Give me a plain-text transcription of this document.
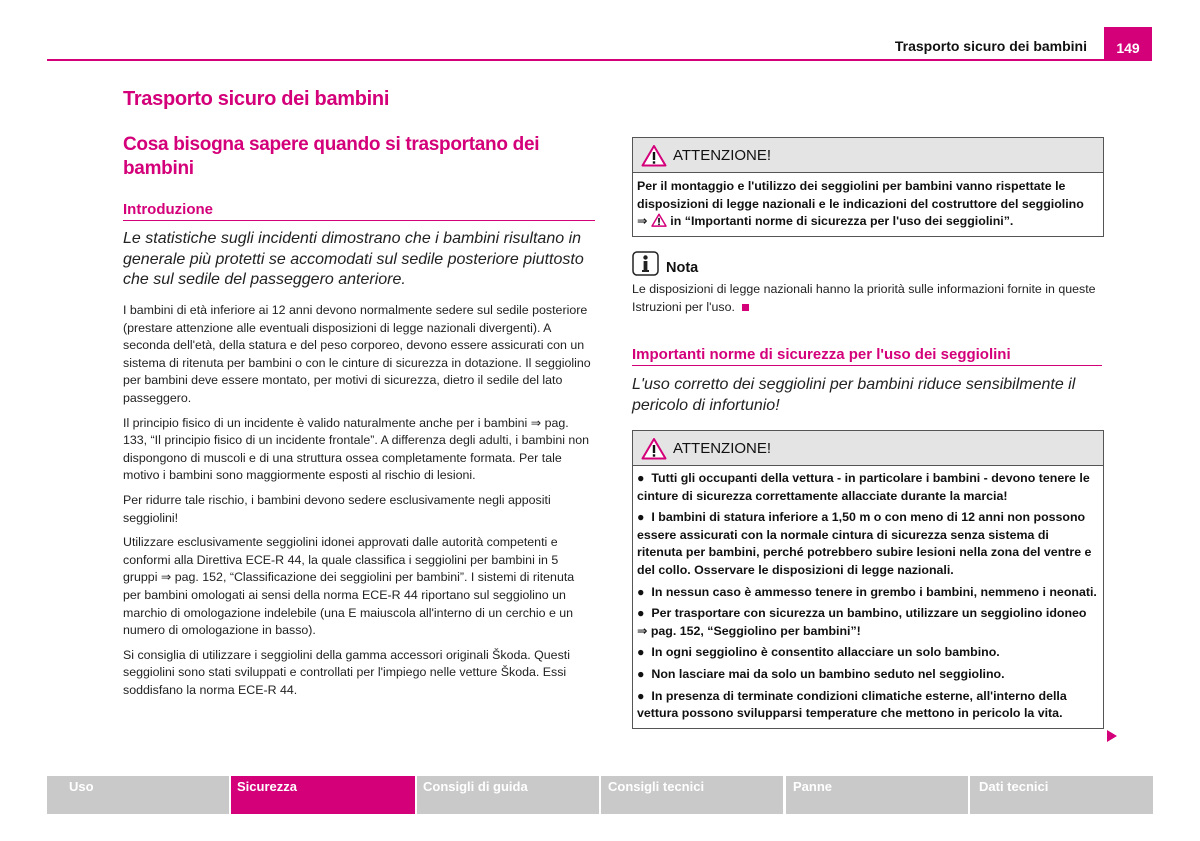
Trasporto sicuro dei bambini	149
Trasporto sicuro dei bambini
Cosa bisogna sapere quando si trasportano dei bambini
Introduzione
Le statistiche sugli incidenti dimostrano che i bambini risultano in generale più protetti se accomodati sul sedile posteriore piuttosto che sul sedile del passeggero anteriore.

I bambini di età inferiore ai 12 anni devono normalmente sedere sul sedile posteriore (prestare attenzione alle eventuali disposizioni di legge nazionali divergenti). A seconda dell'età, della statura e del peso corporeo, devono essere assicurati con un sistema di ritenuta per bambini o con le cinture di sicurezza in dotazione. Il seggiolino per bambini deve essere montato, per motivi di sicurezza, dietro il sedile del lato passeggero.

Il principio fisico di un incidente è valido naturalmente anche per i bambini ⇒ pag. 133, “Il principio fisico di un incidente frontale”. A differenza degli adulti, i bambini non dispongono di muscoli e di una struttura ossea completamente formata. Per tale motivo i bambini sono maggiormente esposti al rischio di lesioni.

Per ridurre tale rischio, i bambini devono sedere esclusivamente negli appositi seggiolini!

Utilizzare esclusivamente seggiolini idonei approvati dalle autorità competenti e conformi alla Direttiva ECE-R 44, la quale classifica i seggiolini per bambini in 5 gruppi ⇒ pag. 152, “Classificazione dei seggiolini per bambini”. I sistemi di ritenuta per bambini omologati ai sensi della norma ECE-R 44 riportano sul seggiolino un marchio di omologazione indelebile (una E maiuscola all'interno di un cerchio e un numero di omologazione in basso).

Si consiglia di utilizzare i seggiolini della gamma accessori originali Škoda. Questi seggiolini sono stati sviluppati e controllati per l'impiego nelle vetture Škoda. Essi soddisfano la norma ECE-R 44.

ATTENZIONE!
Per il montaggio e l'utilizzo dei seggiolini per bambini vanno rispettate le disposizioni di legge nazionali e le indicazioni del costruttore del seggiolino ⇒ in “Importanti norme di sicurezza per l'uso dei seggiolini”.
Nota
Le disposizioni di legge nazionali hanno la priorità sulle informazioni fornite in queste Istruzioni per l'uso.
Importanti norme di sicurezza per l'uso dei seggiolini
L'uso corretto dei seggiolini per bambini riduce sensibilmente il pericolo di infortunio!
ATTENZIONE!

●  Tutti gli occupanti della vettura - in particolare i bambini - devono tenere le cinture di sicurezza correttamente allacciate durante la marcia!

●  I bambini di statura inferiore a 1,50 m o con meno di 12 anni non possono essere assicurati con la normale cintura di sicurezza senza sistema di ritenuta per bambini, perché potrebbero subire lesioni nella zona del ventre e del collo. Osservare le disposizioni di legge nazionali.

●  In nessun caso è ammesso tenere in grembo i bambini, nemmeno i neonati.

●  Per trasportare con sicurezza un bambino, utilizzare un seggiolino idoneo ⇒ pag. 152, “Seggiolino per bambini”!

●  In ogni seggiolino è consentito allacciare un solo bambino.

●  Non lasciare mai da solo un bambino seduto nel seggiolino.

●  In presenza di terminate condizioni climatiche esterne, all'interno della vettura possono svilupparsi temperature che mettono in pericolo la vita.

Uso	Sicurezza	Consigli di guida	Consigli tecnici	Panne	Dati tecnici
